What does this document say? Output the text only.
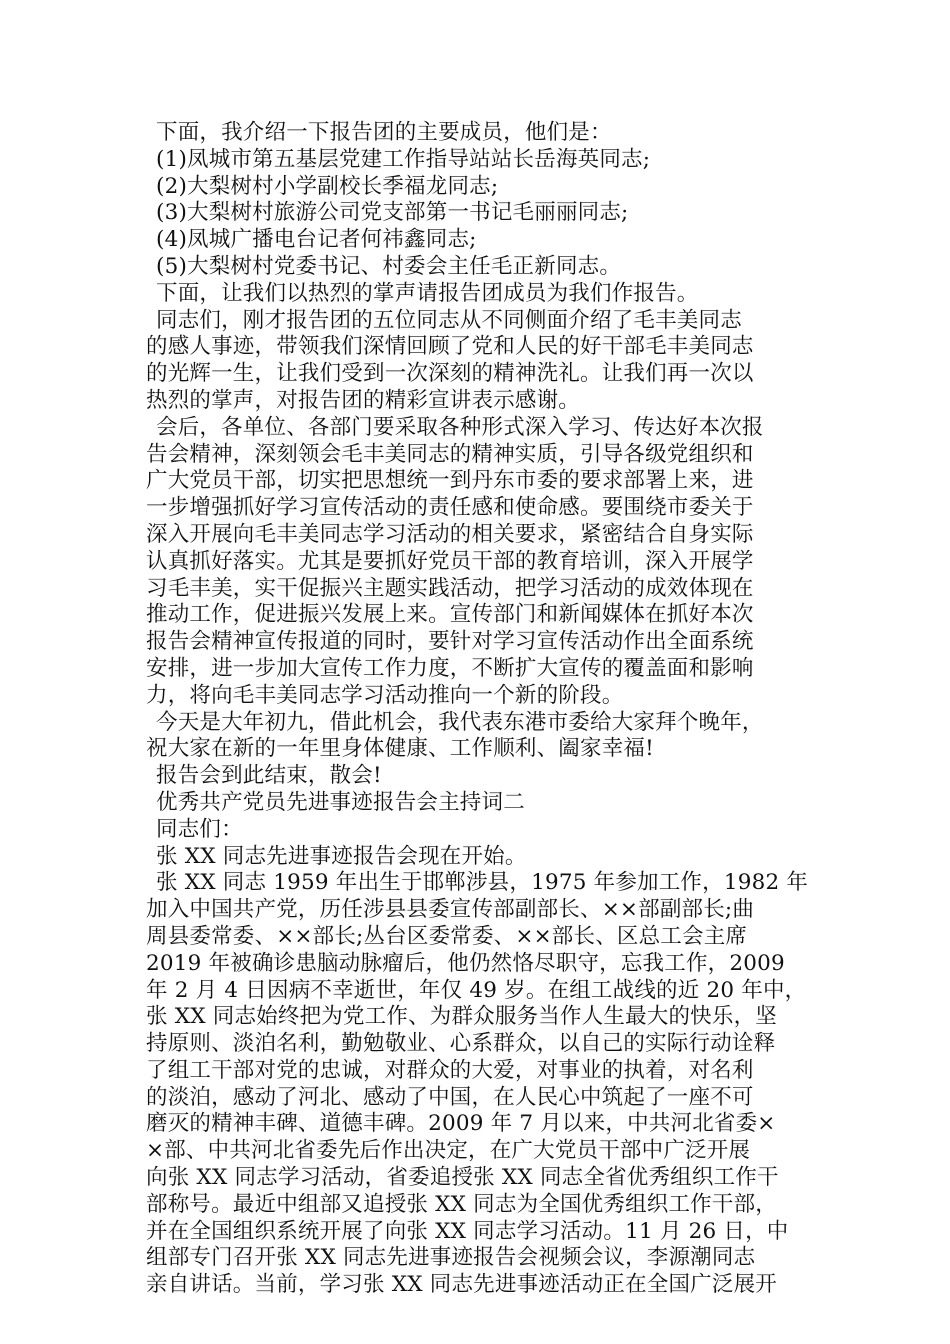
下面，我介绍一下报告团的主要成员，他们是：
(1)凤城市第五基层党建工作指导站站长岳海英同志;
(2)大梨树村小学副校长季福龙同志;
(3)大梨树村旅游公司党支部第一书记毛丽丽同志;
(4)凤城广播电台记者何祎鑫同志;
(5)大梨树村党委书记、村委会主任毛正新同志。
下面，让我们以热烈的掌声请报告团成员为我们作报告。
同志们，刚才报告团的五位同志从不同侧面介绍了毛丰美同志
的感人事迹，带领我们深情回顾了党和人民的好干部毛丰美同志
的光辉一生，让我们受到一次深刻的精神洗礼。让我们再一次以
热烈的掌声，对报告团的精彩宣讲表示感谢。
会后，各单位、各部门要采取各种形式深入学习、传达好本次报
告会精神，深刻领会毛丰美同志的精神实质，引导各级党组织和
广大党员干部，切实把思想统一到丹东市委的要求部署上来，进
一步增强抓好学习宣传活动的责任感和使命感。要围绕市委关于
深入开展向毛丰美同志学习活动的相关要求，紧密结合自身实际
认真抓好落实。尤其是要抓好党员干部的教育培训，深入开展学
习毛丰美，实干促振兴主题实践活动，把学习活动的成效体现在
推动工作，促进振兴发展上来。宣传部门和新闻媒体在抓好本次
报告会精神宣传报道的同时，要针对学习宣传活动作出全面系统
安排，进一步加大宣传工作力度，不断扩大宣传的覆盖面和影响
力，将向毛丰美同志学习活动推向一个新的阶段。
今天是大年初九，借此机会，我代表东港市委给大家拜个晚年，
祝大家在新的一年里身体健康、工作顺利、阖家幸福!
报告会到此结束，散会!
优秀共产党员先进事迹报告会主持词二
同志们：
张 XX 同志先进事迹报告会现在开始。
张 XX 同志 1959 年出生于邯郸涉县，1975 年参加工作，1982 年
加入中国共产党，历任涉县县委宣传部副部长、××部副部长;曲
周县委常委、××部长;丛台区委常委、××部长、区总工会主席
2019 年被确诊患脑动脉瘤后，他仍然恪尽职守，忘我工作，2009
年 2 月 4 日因病不幸逝世，年仅 49 岁。在组工战线的近 20 年中，
张 XX 同志始终把为党工作、为群众服务当作人生最大的快乐，坚
持原则、淡泊名利，勤勉敬业、心系群众，以自己的实际行动诠释
了组工干部对党的忠诚，对群众的大爱，对事业的执着，对名利
的淡泊，感动了河北、感动了中国，在人民心中筑起了一座不可
磨灭的精神丰碑、道德丰碑。2009 年 7 月以来，中共河北省委×
×部、中共河北省委先后作出决定，在广大党员干部中广泛开展
向张 XX 同志学习活动，省委追授张 XX 同志全省优秀组织工作干
部称号。最近中组部又追授张 XX 同志为全国优秀组织工作干部，
并在全国组织系统开展了向张 XX 同志学习活动。11 月 26 日，中
组部专门召开张 XX 同志先进事迹报告会视频会议，李源潮同志
亲自讲话。当前，学习张 XX 同志先进事迹活动正在全国广泛展开
